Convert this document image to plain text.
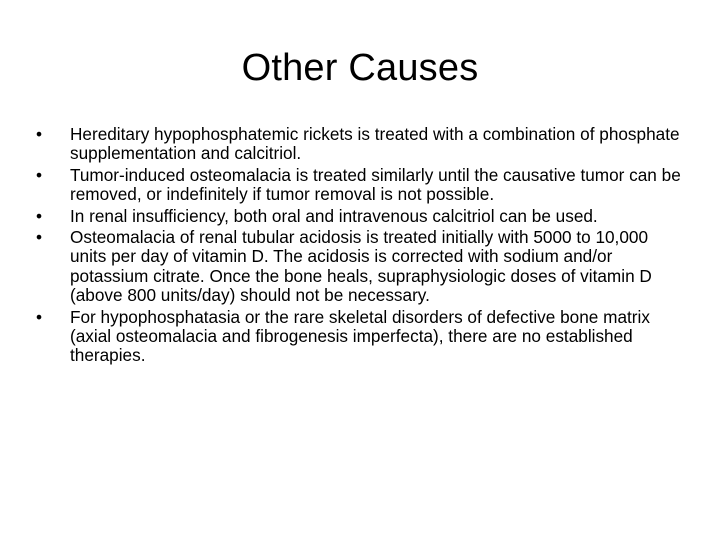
Other Causes
•	Hereditary hypophosphatemic rickets is treated with a combination of phosphate supplementation and calcitriol.
•	Tumor-induced osteomalacia is treated similarly until the causative tumor can be removed, or indefinitely if tumor removal is not possible.
•	In renal insufficiency, both oral and intravenous calcitriol can be used.
•	Osteomalacia of renal tubular acidosis is treated initially with 5000 to 10,000 units per day of vitamin D. The acidosis is corrected with sodium and/or potassium citrate. Once the bone heals, supraphysiologic doses of vitamin D (above 800 units/day) should not be necessary.
•	For hypophosphatasia or the rare skeletal disorders of defective bone matrix (axial osteomalacia and fibrogenesis imperfecta), there are no established therapies.
